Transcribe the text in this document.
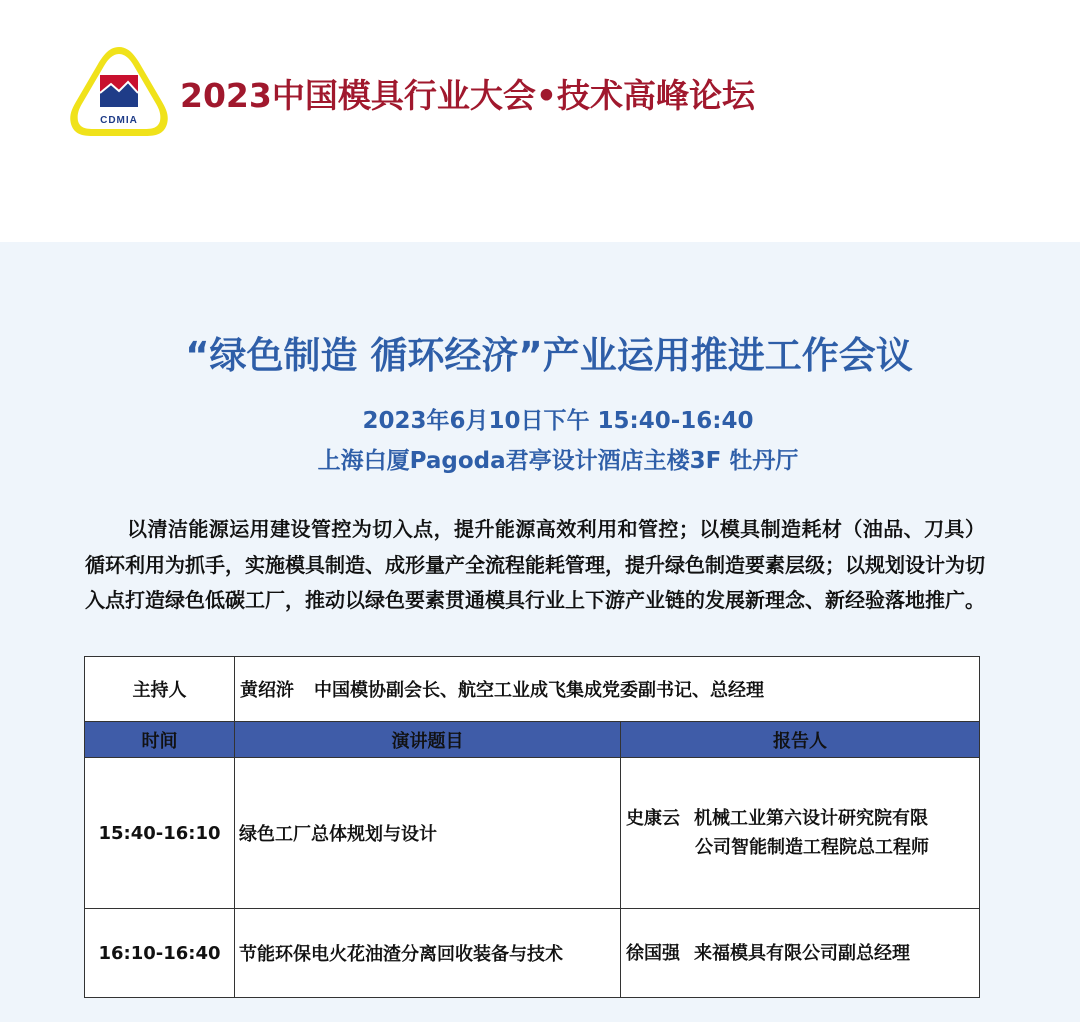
CDMIA
2023中国模具行业大会•技术高峰论坛
“绿色制造 循环经济”产业运用推进工作会议
2023年6月10日下午 15:40-16:40
上海白厦Pagoda君亭设计酒店主楼3F 牡丹厅
以清洁能源运用建设管控为切入点，提升能源高效利用和管控；以模具制造耗材（油品、刀具）循环利用为抓手，实施模具制造、成形量产全流程能耗管理，提升绿色制造要素层级；以规划设计为切入点打造绿色低碳工厂，推动以绿色要素贯通模具行业上下游产业链的发展新理念、新经验落地推广。
主持人	黄绍浒 中国模协副会长、航空工业成飞集成党委副书记、总经理	
时间	演讲题目	报告人
15:40-16:10	绿色工厂总体规划与设计	史康云 机械工业第六设计研究院有限
公司智能制造工程院总工程师
16:10-16:40	节能环保电火花油渣分离回收装备与技术	徐国强 来福模具有限公司副总经理
